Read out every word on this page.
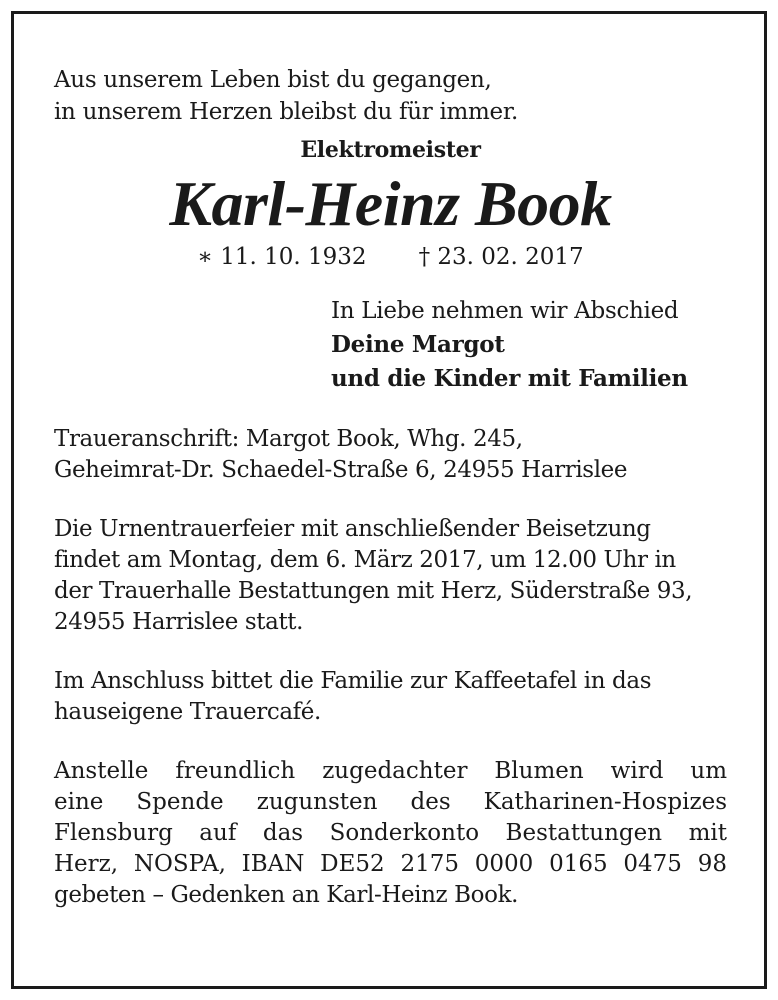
Aus unserem Leben bist du gegangen,
in unserem Herzen bleibst du für immer.
Elektromeister
Karl-Heinz Book
∗ 11. 10. 1932 † 23. 02. 2017
In Liebe nehmen wir Abschied
Deine Margot
und die Kinder mit Familien
Traueranschrift: Margot Book, Whg. 245,
Geheimrat-Dr. Schaedel-Straße 6, 24955 Harrislee
Die Urnentrauerfeier mit anschließender Beisetzung
findet am Montag, dem 6. März 2017, um 12.00 Uhr in
der Trauerhalle Bestattungen mit Herz, Süderstraße 93,
24955 Harrislee statt.
Im Anschluss bittet die Familie zur Kaffeetafel in das
hauseigene Trauercafé.
Anstelle freundlich zugedachter Blumen wird um
eine Spende zugunsten des Katharinen-Hospizes
Flensburg auf das Sonderkonto Bestattungen mit
Herz, NOSPA, IBAN DE52 2175 0000 0165 0475 98
gebeten – Gedenken an Karl-Heinz Book.
